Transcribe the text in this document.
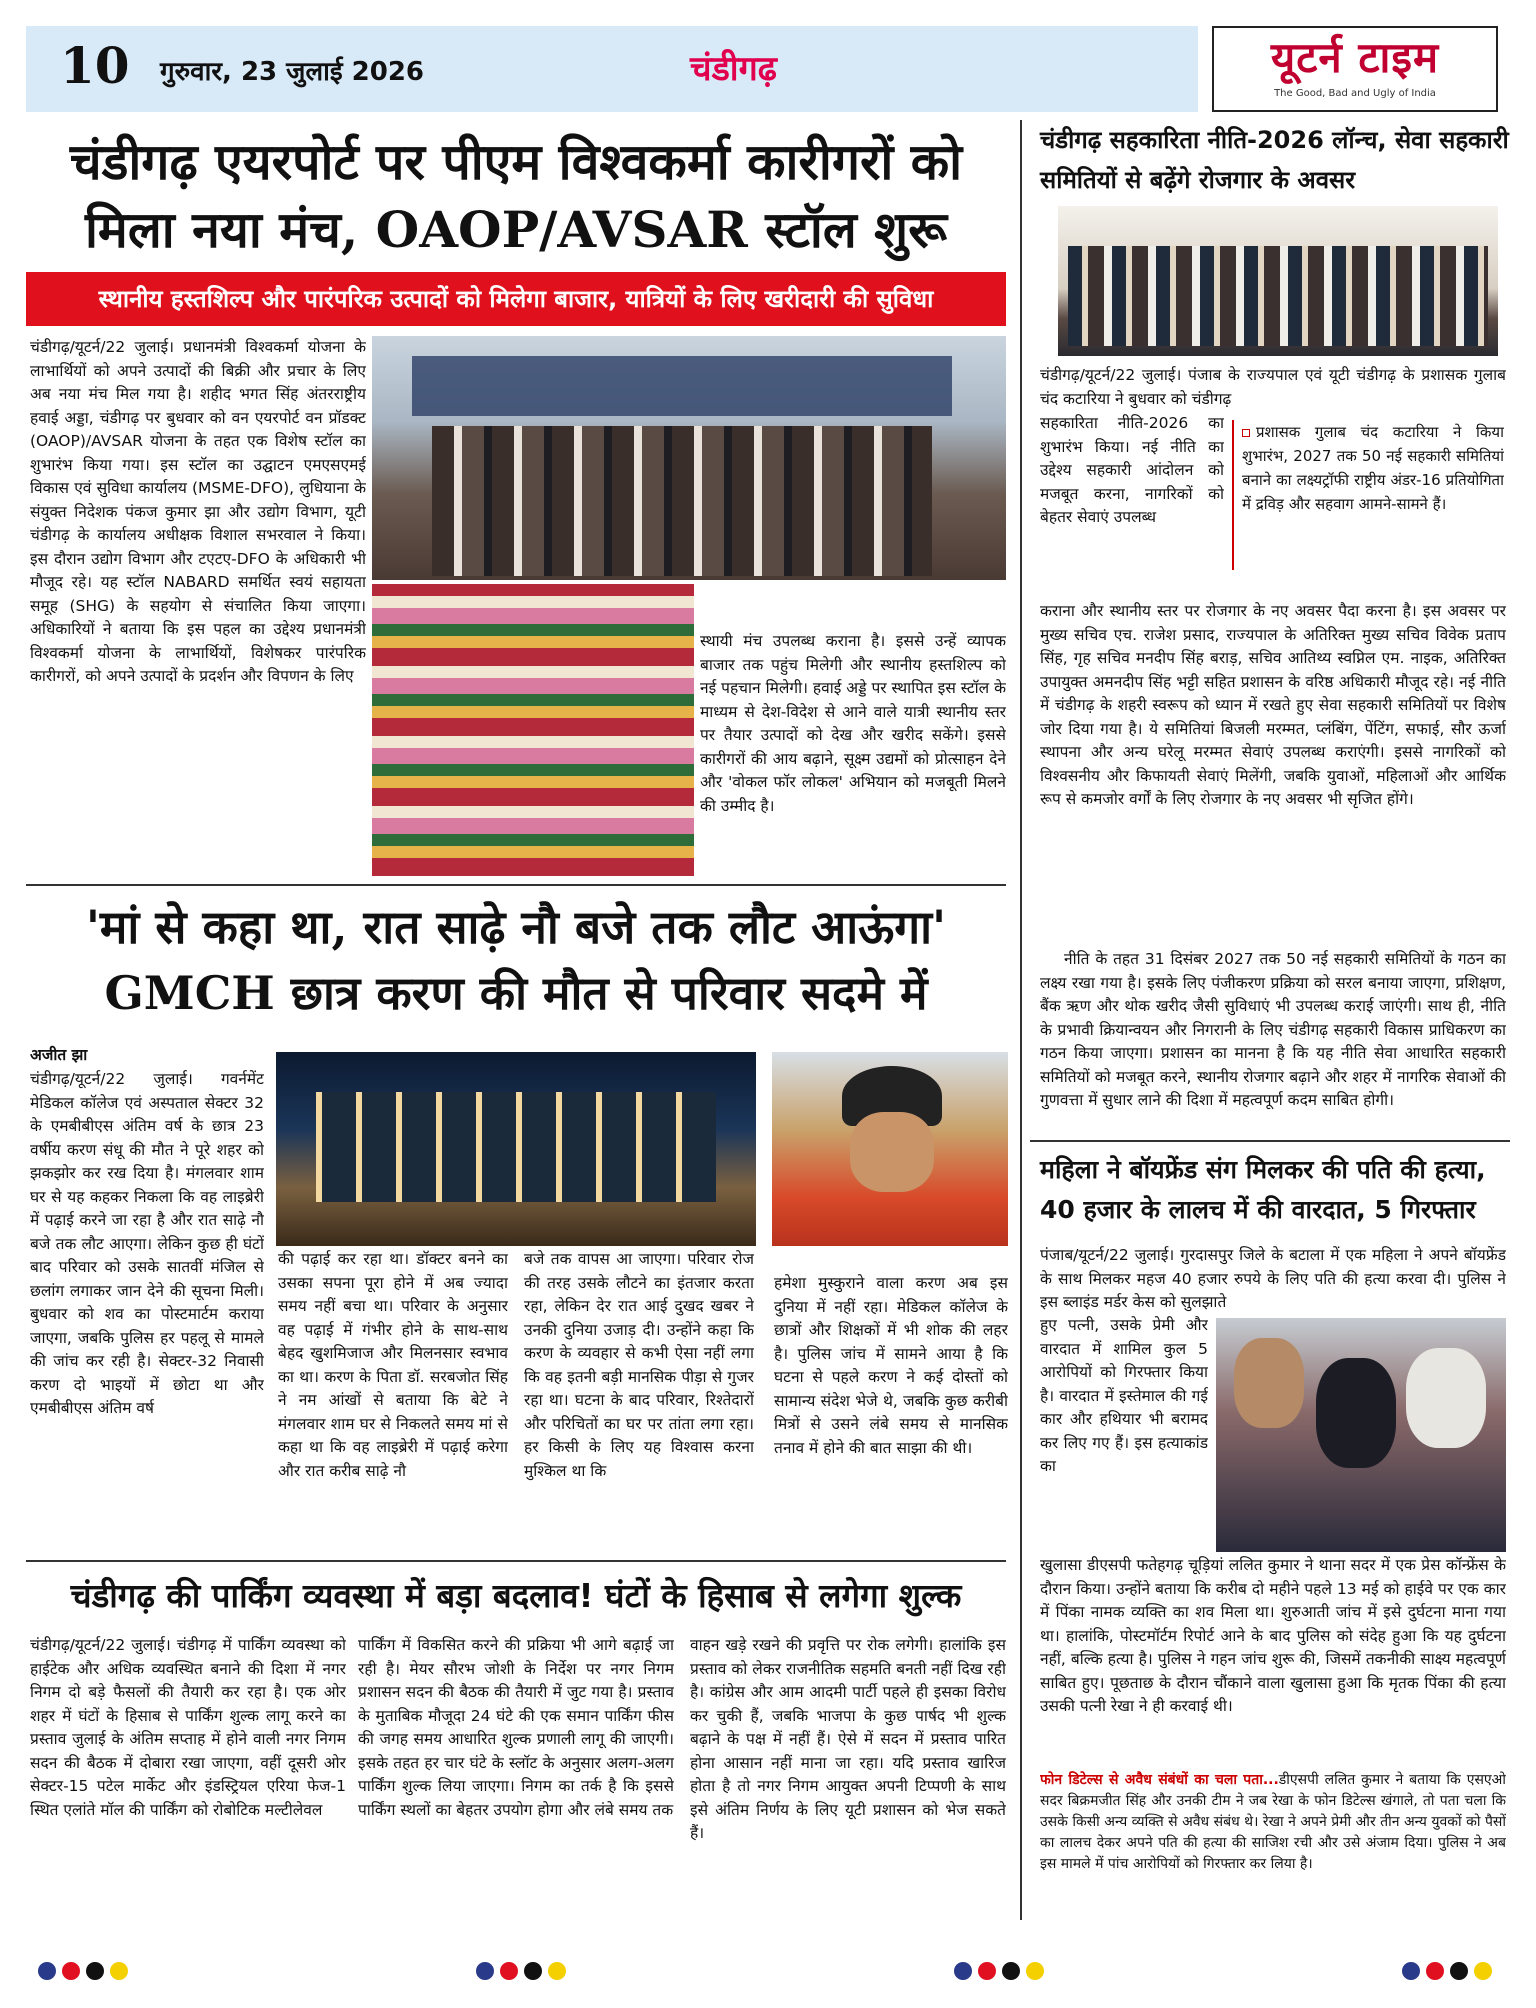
10 गुरुवार, 23 जुलाई 2026	चंडीगढ़	यूटर्न टाइम
The Good, Bad and Ugly of India
चंडीगढ़ एयरपोर्ट पर पीएम विश्वकर्मा कारीगरों को
मिला नया मंच, OAOP/AVSAR स्टॉल शुरू
स्थानीय हस्तशिल्प और पारंपरिक उत्पादों को मिलेगा बाजार, यात्रियों के लिए खरीदारी की सुविधा
चंडीगढ़/यूटर्न/22 जुलाई। प्रधानमंत्री विश्वकर्मा योजना के लाभार्थियों को अपने उत्पादों की बिक्री और प्रचार के लिए अब नया मंच मिल गया है। शहीद भगत सिंह अंतरराष्ट्रीय हवाई अड्डा, चंडीगढ़ पर बुधवार को वन एयरपोर्ट वन प्रॉडक्ट (OAOP)/AVSAR योजना के तहत एक विशेष स्टॉल का शुभारंभ किया गया। इस स्टॉल का उद्घाटन एमएसएमई विकास एवं सुविधा कार्यालय (MSME-DFO), लुधियाना के संयुक्त निदेशक पंकज कुमार झा और उद्योग विभाग, यूटी चंडीगढ़ के कार्यालय अधीक्षक विशाल सभरवाल ने किया। इस दौरान उद्योग विभाग और टएटए-DFO के अधिकारी भी मौजूद रहे। यह स्टॉल NABARD समर्थित स्वयं सहायता समूह (SHG) के सहयोग से संचालित किया जाएगा। अधिकारियों ने बताया कि इस पहल का उद्देश्य प्रधानमंत्री विश्वकर्मा योजना के लाभार्थियों, विशेषकर पारंपरिक कारीगरों, को अपने उत्पादों के प्रदर्शन और विपणन के लिए
स्थायी मंच उपलब्ध कराना है। इससे उन्हें व्यापक बाजार तक पहुंच मिलेगी और स्थानीय हस्तशिल्प को नई पहचान मिलेगी। हवाई अड्डे पर स्थापित इस स्टॉल के माध्यम से देश-विदेश से आने वाले यात्री स्थानीय स्तर पर तैयार उत्पादों को देख और खरीद सकेंगे। इससे कारीगरों की आय बढ़ाने, सूक्ष्म उद्यमों को प्रोत्साहन देने और 'वोकल फॉर लोकल' अभियान को मजबूती मिलने की उम्मीद है।
'मां से कहा था, रात साढ़े नौ बजे तक लौट आऊंगा'
GMCH छात्र करण की मौत से परिवार सदमे में
अजीत झा
चंडीगढ़/यूटर्न/22 जुलाई। गवर्नमेंट मेडिकल कॉलेज एवं अस्पताल सेक्टर 32 के एमबीबीएस अंतिम वर्ष के छात्र 23 वर्षीय करण संधू की मौत ने पूरे शहर को झकझोर कर रख दिया है। मंगलवार शाम घर से यह कहकर निकला कि वह लाइब्रेरी में पढ़ाई करने जा रहा है और रात साढ़े नौ बजे तक लौट आएगा। लेकिन कुछ ही घंटों बाद परिवार को उसके सातवीं मंजिल से छलांग लगाकर जान देने की सूचना मिली। बुधवार को शव का पोस्टमार्टम कराया जाएगा, जबकि पुलिस हर पहलू से मामले की जांच कर रही है। सेक्टर-32 निवासी करण दो भाइयों में छोटा था और एमबीबीएस अंतिम वर्ष
की पढ़ाई कर रहा था। डॉक्टर बनने का उसका सपना पूरा होने में अब ज्यादा समय नहीं बचा था। परिवार के अनुसार वह पढ़ाई में गंभीर होने के साथ-साथ बेहद खुशमिजाज और मिलनसार स्वभाव का था। करण के पिता डॉ. सरबजोत सिंह ने नम आंखों से बताया कि बेटे ने मंगलवार शाम घर से निकलते समय मां से कहा था कि वह लाइब्रेरी में पढ़ाई करेगा और रात करीब साढ़े नौ
बजे तक वापस आ जाएगा। परिवार रोज की तरह उसके लौटने का इंतजार करता रहा, लेकिन देर रात आई दुखद खबर ने उनकी दुनिया उजाड़ दी। उन्होंने कहा कि करण के व्यवहार से कभी ऐसा नहीं लगा कि वह इतनी बड़ी मानसिक पीड़ा से गुजर रहा था। घटना के बाद परिवार, रिश्तेदारों और परिचितों का घर पर तांता लगा रहा। हर किसी के लिए यह विश्वास करना मुश्किल था कि
हमेशा मुस्कुराने वाला करण अब इस दुनिया में नहीं रहा। मेडिकल कॉलेज के छात्रों और शिक्षकों में भी शोक की लहर है। पुलिस जांच में सामने आया है कि घटना से पहले करण ने कई दोस्तों को सामान्य संदेश भेजे थे, जबकि कुछ करीबी मित्रों से उसने लंबे समय से मानसिक तनाव में होने की बात साझा की थी।
चंडीगढ़ की पार्किंग व्यवस्था में बड़ा बदलाव! घंटों के हिसाब से लगेगा शुल्क
चंडीगढ़/यूटर्न/22 जुलाई। चंडीगढ़ में पार्किंग व्यवस्था को हाईटेक और अधिक व्यवस्थित बनाने की दिशा में नगर निगम दो बड़े फैसलों की तैयारी कर रहा है। एक ओर शहर में घंटों के हिसाब से पार्किंग शुल्क लागू करने का प्रस्ताव जुलाई के अंतिम सप्ताह में होने वाली नगर निगम सदन की बैठक में दोबारा रखा जाएगा, वहीं दूसरी ओर सेक्टर-15 पटेल मार्केट और इंडस्ट्रियल एरिया फेज-1 स्थित एलांते मॉल की पार्किंग को रोबोटिक मल्टीलेवल
पार्किंग में विकसित करने की प्रक्रिया भी आगे बढ़ाई जा रही है। मेयर सौरभ जोशी के निर्देश पर नगर निगम प्रशासन सदन की बैठक की तैयारी में जुट गया है। प्रस्ताव के मुताबिक मौजूदा 24 घंटे की एक समान पार्किंग फीस की जगह समय आधारित शुल्क प्रणाली लागू की जाएगी। इसके तहत हर चार घंटे के स्लॉट के अनुसार अलग-अलग पार्किंग शुल्क लिया जाएगा। निगम का तर्क है कि इससे पार्किंग स्थलों का बेहतर उपयोग होगा और लंबे समय तक
वाहन खड़े रखने की प्रवृत्ति पर रोक लगेगी। हालांकि इस प्रस्ताव को लेकर राजनीतिक सहमति बनती नहीं दिख रही है। कांग्रेस और आम आदमी पार्टी पहले ही इसका विरोध कर चुकी हैं, जबकि भाजपा के कुछ पार्षद भी शुल्क बढ़ाने के पक्ष में नहीं हैं। ऐसे में सदन में प्रस्ताव पारित होना आसान नहीं माना जा रहा। यदि प्रस्ताव खारिज होता है तो नगर निगम आयुक्त अपनी टिप्पणी के साथ इसे अंतिम निर्णय के लिए यूटी प्रशासन को भेज सकते हैं।
चंडीगढ़ सहकारिता नीति-2026 लॉन्च, सेवा सहकारी समितियों से बढ़ेंगे रोजगार के अवसर
चंडीगढ़/यूटर्न/22 जुलाई। पंजाब के राज्यपाल एवं यूटी चंडीगढ़ के प्रशासक गुलाब चंद कटारिया ने बुधवार को चंडीगढ़
सहकारिता नीति-2026 का शुभारंभ किया। नई नीति का उद्देश्य सहकारी आंदोलन को मजबूत करना, नागरिकों को बेहतर सेवाएं उपलब्ध
प्रशासक गुलाब चंद कटारिया ने किया शुभारंभ, 2027 तक 50 नई सहकारी समितियां बनाने का लक्ष्यट्रॉफी राष्ट्रीय अंडर-16 प्रतियोगिता में द्रविड़ और सहवाग आमने-सामने हैं।
कराना और स्थानीय स्तर पर रोजगार के नए अवसर पैदा करना है। इस अवसर पर मुख्य सचिव एच. राजेश प्रसाद, राज्यपाल के अतिरिक्त मुख्य सचिव विवेक प्रताप सिंह, गृह सचिव मनदीप सिंह बराड़, सचिव आतिथ्य स्वप्निल एम. नाइक, अतिरिक्त उपायुक्त अमनदीप सिंह भट्टी सहित प्रशासन के वरिष्ठ अधिकारी मौजूद रहे। नई नीति में चंडीगढ़ के शहरी स्वरूप को ध्यान में रखते हुए सेवा सहकारी समितियों पर विशेष जोर दिया गया है। ये समितियां बिजली मरम्मत, प्लंबिंग, पेंटिंग, सफाई, सौर ऊर्जा स्थापना और अन्य घरेलू मरम्मत सेवाएं उपलब्ध कराएंगी। इससे नागरिकों को विश्वसनीय और किफायती सेवाएं मिलेंगी, जबकि युवाओं, महिलाओं और आर्थिक रूप से कमजोर वर्गों के लिए रोजगार के नए अवसर भी सृजित होंगे।
नीति के तहत 31 दिसंबर 2027 तक 50 नई सहकारी समितियों के गठन का लक्ष्य रखा गया है। इसके लिए पंजीकरण प्रक्रिया को सरल बनाया जाएगा, प्रशिक्षण, बैंक ऋण और थोक खरीद जैसी सुविधाएं भी उपलब्ध कराई जाएंगी। साथ ही, नीति के प्रभावी क्रियान्वयन और निगरानी के लिए चंडीगढ़ सहकारी विकास प्राधिकरण का गठन किया जाएगा। प्रशासन का मानना है कि यह नीति सेवा आधारित सहकारी समितियों को मजबूत करने, स्थानीय रोजगार बढ़ाने और शहर में नागरिक सेवाओं की गुणवत्ता में सुधार लाने की दिशा में महत्वपूर्ण कदम साबित होगी।
महिला ने बॉयफ्रेंड संग मिलकर की पति की हत्या, 40 हजार के लालच में की वारदात, 5 गिरफ्तार
पंजाब/यूटर्न/22 जुलाई। गुरदासपुर जिले के बटाला में एक महिला ने अपने बॉयफ्रेंड के साथ मिलकर महज 40 हजार रुपये के लिए पति की हत्या करवा दी। पुलिस ने इस ब्लाइंड मर्डर केस को सुलझाते
हुए पत्नी, उसके प्रेमी और वारदात में शामिल कुल 5 आरोपियों को गिरफ्तार किया है। वारदात में इस्तेमाल की गई कार और हथियार भी बरामद कर लिए गए हैं। इस हत्याकांड का
खुलासा डीएसपी फतेहगढ़ चूड़ियां ललित कुमार ने थाना सदर में एक प्रेस कॉन्फ्रेंस के दौरान किया। उन्होंने बताया कि करीब दो महीने पहले 13 मई को हाईवे पर एक कार में पिंका नामक व्यक्ति का शव मिला था। शुरुआती जांच में इसे दुर्घटना माना गया था। हालांकि, पोस्टमॉर्टम रिपोर्ट आने के बाद पुलिस को संदेह हुआ कि यह दुर्घटना नहीं, बल्कि हत्या है। पुलिस ने गहन जांच शुरू की, जिसमें तकनीकी साक्ष्य महत्वपूर्ण साबित हुए। पूछताछ के दौरान चौंकाने वाला खुलासा हुआ कि मृतक पिंका की हत्या उसकी पत्नी रेखा ने ही करवाई थी।
फोन डिटेल्स से अवैध संबंधों का चला पता...डीएसपी ललित कुमार ने बताया कि एसएओ सदर बिक्रमजीत सिंह और उनकी टीम ने जब रेखा के फोन डिटेल्स खंगाले, तो पता चला कि उसके किसी अन्य व्यक्ति से अवैध संबंध थे। रेखा ने अपने प्रेमी और तीन अन्य युवकों को पैसों का लालच देकर अपने पति की हत्या की साजिश रची और उसे अंजाम दिया। पुलिस ने अब इस मामले में पांच आरोपियों को गिरफ्तार कर लिया है।
